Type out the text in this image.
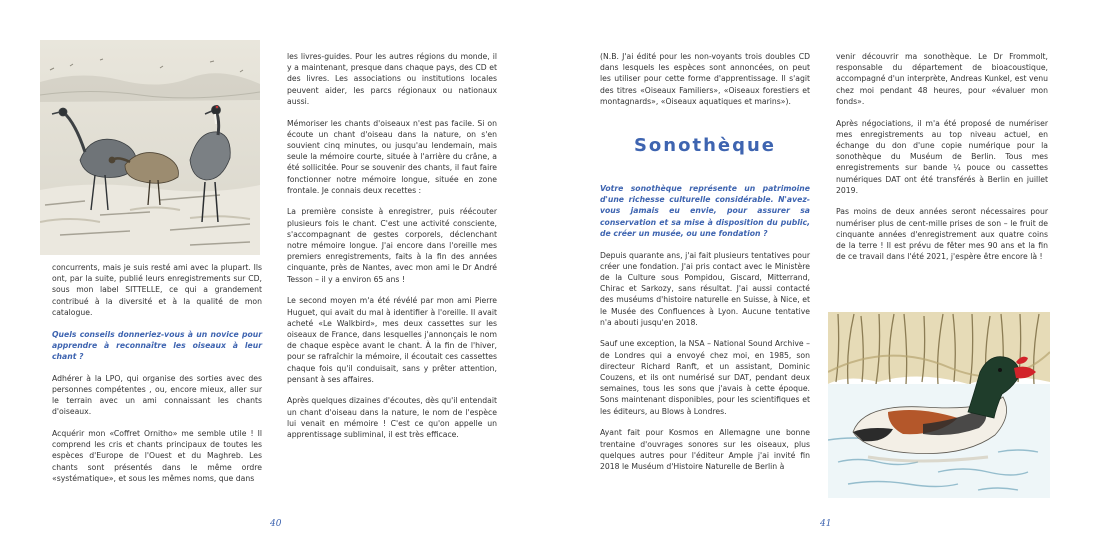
concurrents, mais je suis resté ami avec la plupart. Ils ont, par la suite, publié leurs enregistrements sur CD, sous mon label SITTELLE, ce qui a grandement contribué à la diversité et à la qualité de mon catalogue.

Quels conseils donneriez-vous à un novice pour apprendre à reconnaître les oiseaux à leur chant ?

Adhérer à la LPO, qui organise des sorties avec des personnes compétentes , ou, encore mieux, aller sur le terrain avec un ami connaissant les chants d'oiseaux.

Acquérir mon «Coffret Ornitho» me semble utile ! Il comprend les cris et chants principaux de toutes les espèces d'Europe de l'Ouest et du Maghreb. Les chants sont présentés dans le même ordre «systématique», et sous les mêmes noms, que dans

les livres-guides. Pour les autres régions du monde, il y a maintenant, presque dans chaque pays, des CD et des livres. Les associations ou institutions locales peuvent aider, les parcs régionaux ou nationaux aussi.

Mémoriser les chants d'oiseaux n'est pas facile. Si on écoute un chant d'oiseau dans la nature, on s'en souvient cinq minutes, ou jusqu'au lendemain, mais seule la mémoire courte, située à l'arrière du crâne, a été sollicitée. Pour se souvenir des chants, il faut faire fonctionner notre mémoire longue, située en zone frontale. Je connais deux recettes :

La première consiste à enregistrer, puis réécouter plusieurs fois le chant. C'est une activité consciente, s'accompagnant de gestes corporels, déclenchant notre mémoire longue. J'ai encore dans l'oreille mes premiers enregistrements, faits à la fin des années cinquante, près de Nantes, avec mon ami le Dr André Tesson – il y a environ 65 ans !

Le second moyen m'a été révélé par mon ami Pierre Huguet, qui avait du mal à identifier à l'oreille. Il avait acheté «Le Walkbird», mes deux cassettes sur les oiseaux de France, dans lesquelles j'annonçais le nom de chaque espèce avant le chant. À la fin de l'hiver, pour se rafraîchir la mémoire, il écoutait ces cassettes chaque fois qu'il conduisait, sans y prêter attention, pensant à ses affaires.

Après quelques dizaines d'écoutes, dès qu'il entendait un chant d'oiseau dans la nature, le nom de l'espèce lui venait en mémoire ! C'est ce qu'on appelle un apprentissage subliminal, il est très efficace.

40

(N.B. J'ai édité pour les non-voyants trois doubles CD dans lesquels les espèces sont annoncées, on peut les utiliser pour cette forme d'apprentissage. Il s'agit des titres «Oiseaux Familiers», «Oiseaux forestiers et montagnards», «Oiseaux aquatiques et marins»).

Sonothèque

Votre sonothèque représente un patrimoine d'une richesse culturelle considérable. N'avez-vous jamais eu envie, pour assurer sa conservation et sa mise à disposition du public, de créer un musée, ou une fondation ?

Depuis quarante ans, j'ai fait plusieurs tentatives pour créer une fondation. J'ai pris contact avec le Ministère de la Culture sous Pompidou, Giscard, Mitterrand, Chirac et Sarkozy, sans résultat. J'ai aussi contacté des muséums d'histoire naturelle en Suisse, à Nice, et le Musée des Confluences à Lyon. Aucune tentative n'a abouti jusqu'en 2018.

Sauf une exception, la NSA – National Sound Archive – de Londres qui a envoyé chez moi, en 1985, son directeur Richard Ranft, et un assistant, Dominic Couzens, et ils ont numérisé sur DAT, pendant deux semaines, tous les sons que j'avais à cette époque. Sons maintenant disponibles, pour les scientifiques et les éditeurs, au Blows à Londres.

Ayant fait pour Kosmos en Allemagne une bonne trentaine d'ouvrages sonores sur les oiseaux, plus quelques autres pour l'éditeur Ample j'ai invité fin 2018 le Muséum d'Histoire Naturelle de Berlin à

venir découvrir ma sonothèque. Le Dr Frommolt, responsable du département de bioacoustique, accompagné d'un interprète, Andreas Kunkel, est venu chez moi pendant 48 heures, pour «évaluer mon fonds».

Après négociations, il m'a été proposé de numériser mes enregistrements au top niveau actuel, en échange du don d'une copie numérique pour la sonothèque du Muséum de Berlin. Tous mes enregistrements sur bande ¼ pouce ou cassettes numériques DAT ont été transférés à Berlin en juillet 2019.

Pas moins de deux années seront nécessaires pour numériser plus de cent-mille prises de son – le fruit de cinquante années d'enregistrement aux quatre coins de la terre ! Il est prévu de fêter mes 90 ans et la fin de ce travail dans l'été 2021, j'espère être encore là !

41
